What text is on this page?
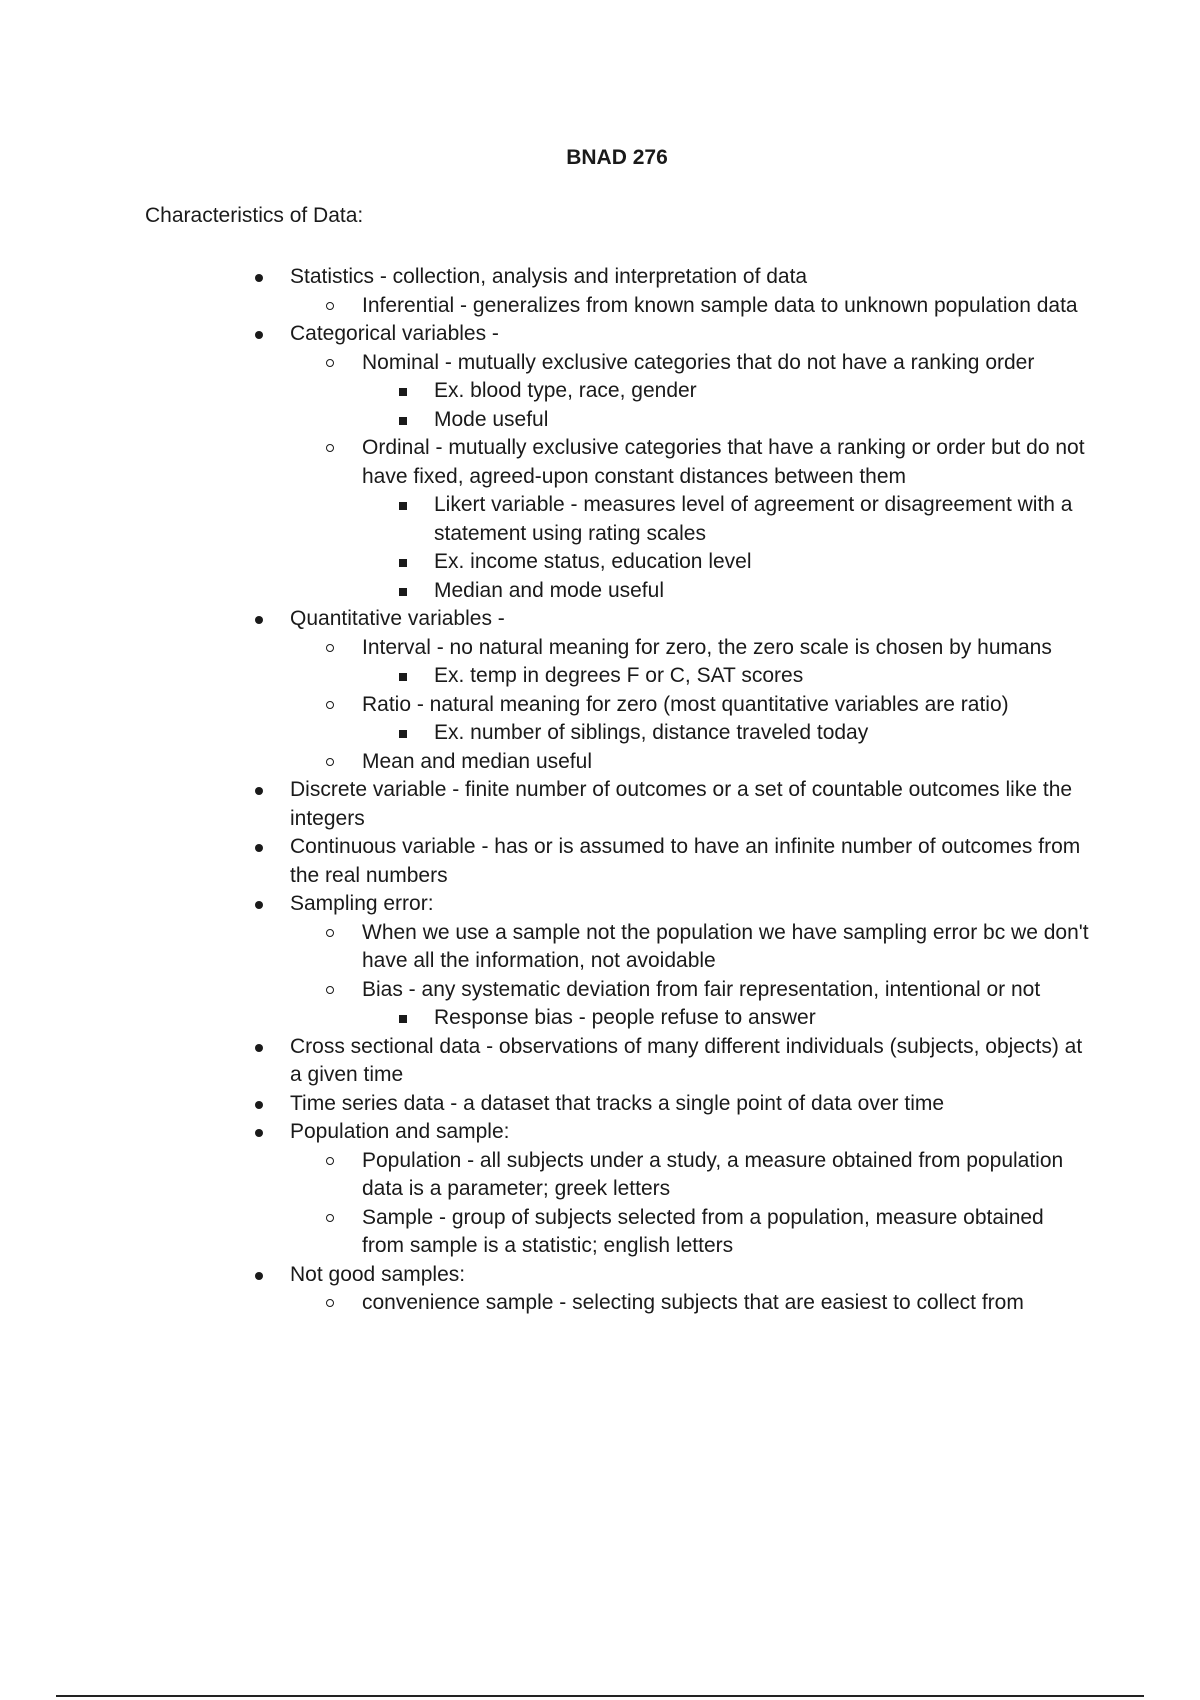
BNAD 276

Characteristics of Data:

Statistics - collection, analysis and interpretation of data
Inferential - generalizes from known sample data to unknown population data
Categorical variables -
Nominal - mutually exclusive categories that do not have a ranking order
Ex. blood type, race, gender
Mode useful
Ordinal - mutually exclusive categories that have a ranking or order but do not have fixed, agreed-upon constant distances between them
Likert variable - measures level of agreement or disagreement with a statement using rating scales
Ex. income status, education level
Median and mode useful
Quantitative variables -
Interval - no natural meaning for zero, the zero scale is chosen by humans
Ex. temp in degrees F or C, SAT scores
Ratio - natural meaning for zero (most quantitative variables are ratio)
Ex. number of siblings, distance traveled today
Mean and median useful
Discrete variable - finite number of outcomes or a set of countable outcomes like the integers
Continuous variable - has or is assumed to have an infinite number of outcomes from the real numbers
Sampling error:
When we use a sample not the population we have sampling error bc we don't have all the information, not avoidable
Bias - any systematic deviation from fair representation, intentional or not
Response bias - people refuse to answer
Cross sectional data - observations of many different individuals (subjects, objects) at a given time
Time series data - a dataset that tracks a single point of data over time
Population and sample:
Population - all subjects under a study, a measure obtained from population data is a parameter; greek letters
Sample - group of subjects selected from a population, measure obtained from sample is a statistic; english letters
Not good samples:
convenience sample - selecting subjects that are easiest to collect from
